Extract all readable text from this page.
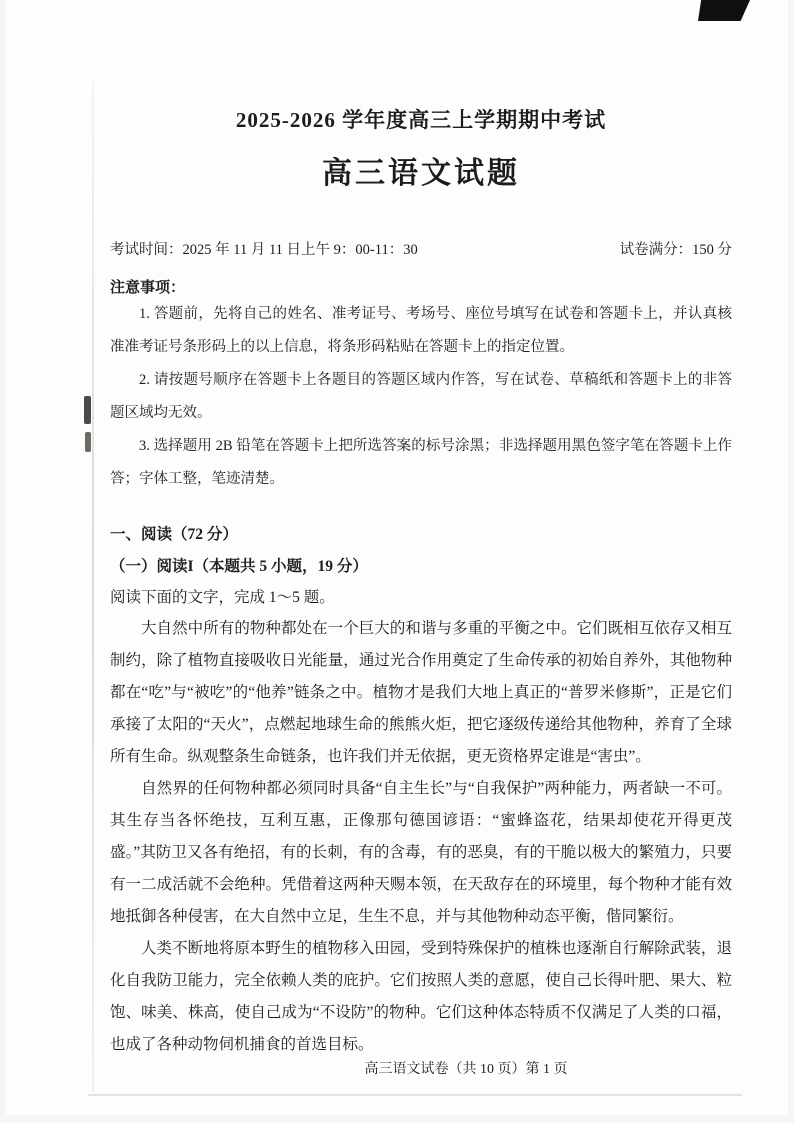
2025-2026 学年度高三上学期期中考试

高三语文试题

考试时间：2025 年 11 月 11 日上午 9：00-11：30	试卷满分：150 分
注意事项：
1. 答题前，先将自己的姓名、准考证号、考场号、座位号填写在试卷和答题卡上，并认真核准准考证号条形码上的以上信息，将条形码粘贴在答题卡上的指定位置。
2. 请按题号顺序在答题卡上各题目的答题区域内作答，写在试卷、草稿纸和答题卡上的非答题区域均无效。
3. 选择题用 2B 铅笔在答题卡上把所选答案的标号涂黑；非选择题用黑色签字笔在答题卡上作答；字体工整，笔迹清楚。
一、阅读（72 分）
（一）阅读I（本题共 5 小题，19 分）
阅读下面的文字，完成 1～5 题。

大自然中所有的物种都处在一个巨大的和谐与多重的平衡之中。它们既相互依存又相互制约，除了植物直接吸收日光能量，通过光合作用奠定了生命传承的初始自养外，其他物种都在“吃”与“被吃”的“他养”链条之中。植物才是我们大地上真正的“普罗米修斯”，正是它们承接了太阳的“天火”，点燃起地球生命的熊熊火炬，把它逐级传递给其他物种，养育了全球所有生命。纵观整条生命链条，也许我们并无依据，更无资格界定谁是“害虫”。

自然界的任何物种都必须同时具备“自主生长”与“自我保护”两种能力，两者缺一不可。其生存当各怀绝技，互利互惠，正像那句德国谚语：“蜜蜂盗花，结果却使花开得更茂盛。”其防卫又各有绝招，有的长刺，有的含毒，有的恶臭，有的干脆以极大的繁殖力，只要有一二成活就不会绝种。凭借着这两种天赐本领，在天敌存在的环境里，每个物种才能有效地抵御各种侵害，在大自然中立足，生生不息，并与其他物种动态平衡，偕同繁衍。

人类不断地将原本野生的植物移入田园，受到特殊保护的植株也逐渐自行解除武装，退化自我防卫能力，完全依赖人类的庇护。它们按照人类的意愿，使自己长得叶肥、果大、粒饱、味美、株高，使自己成为“不设防”的物种。它们这种体态特质不仅满足了人类的口福，也成了各种动物伺机捕食的首选目标。

高三语文试卷（共 10 页）第 1 页
